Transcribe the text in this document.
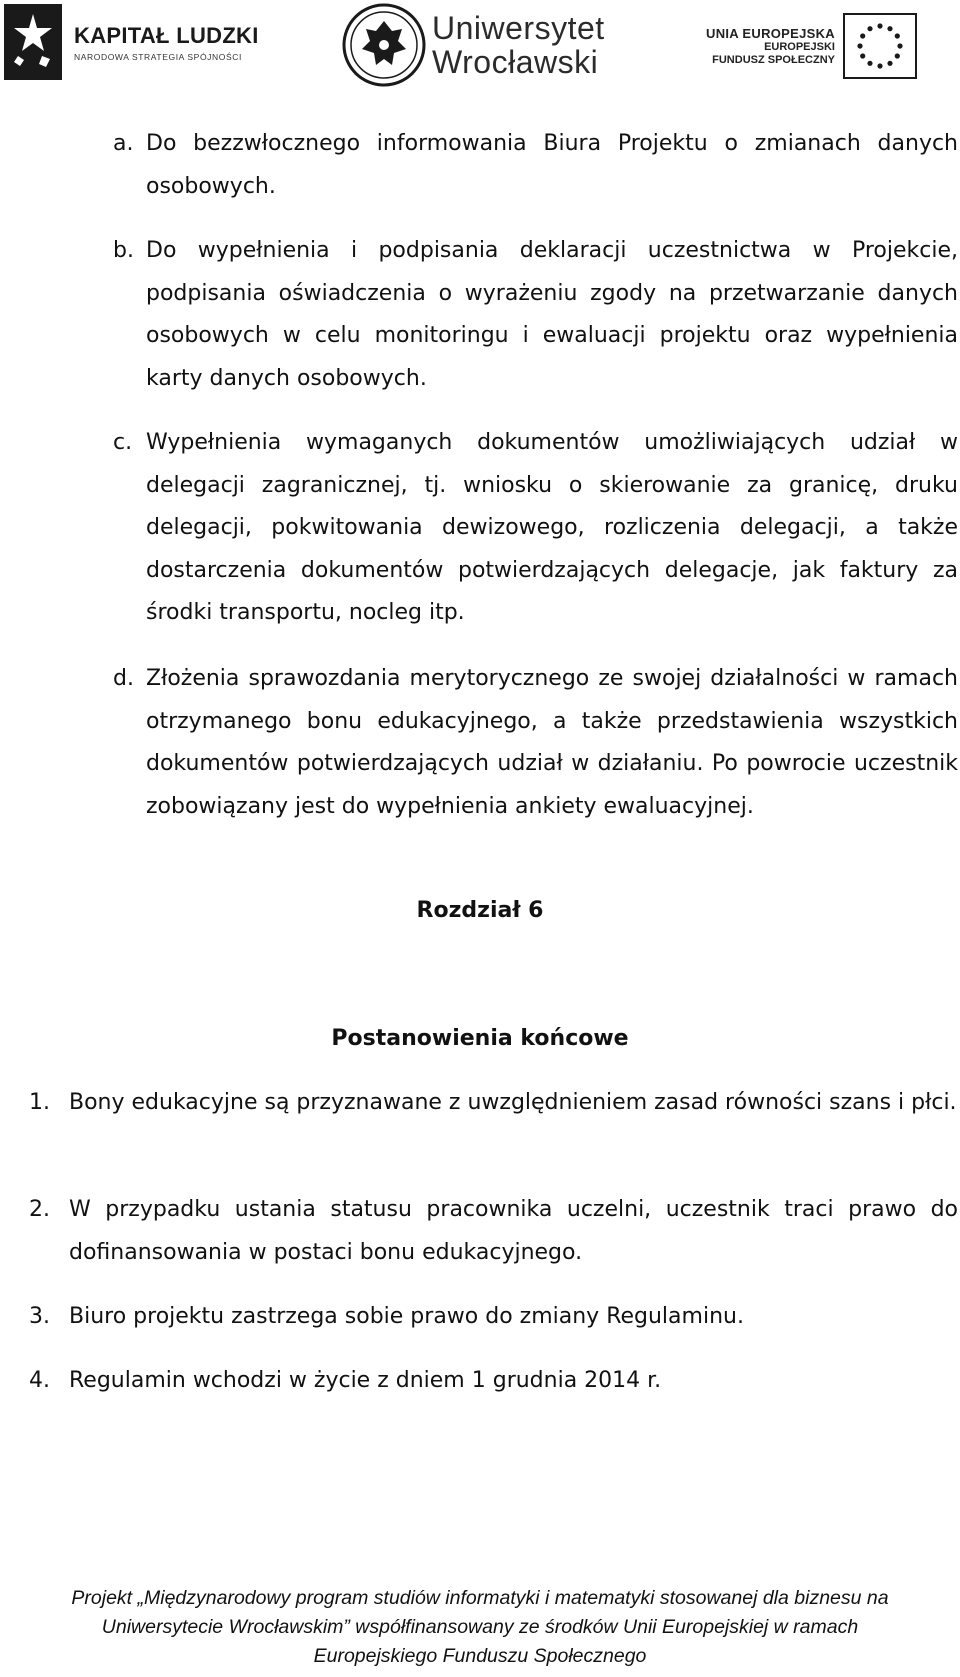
KAPITAŁ LUDZKI
NARODOWA STRATEGIA SPÓJNOŚCI
Uniwersytet
Wrocławski
UNIA EUROPEJSKA
EUROPEJSKI
FUNDUSZ SPOŁECZNY
a. Do bezzwłocznego informowania Biura Projektu o zmianach danych osobowych.
b. Do wypełnienia i podpisania deklaracji uczestnictwa w Projekcie, podpisania oświadczenia o wyrażeniu zgody na przetwarzanie danych osobowych w celu monitoringu i ewaluacji projektu oraz wypełnienia karty danych osobowych.
c. Wypełnienia wymaganych dokumentów umożliwiających udział w delegacji zagranicznej, tj. wniosku o skierowanie za granicę, druku delegacji, pokwitowania dewizowego, rozliczenia delegacji, a także dostarczenia dokumentów potwierdzających delegacje, jak faktury za środki transportu, nocleg itp.
d. Złożenia sprawozdania merytorycznego ze swojej działalności w ramach otrzymanego bonu edukacyjnego, a także przedstawienia wszystkich dokumentów potwierdzających udział w działaniu. Po powrocie uczestnik zobowiązany jest do wypełnienia ankiety ewaluacyjnej.
Rozdział 6
Postanowienia końcowe
1. Bony edukacyjne są przyznawane z uwzględnieniem zasad równości szans i płci.
2. W przypadku ustania statusu pracownika uczelni, uczestnik traci prawo do dofinansowania w postaci bonu edukacyjnego.
3. Biuro projektu zastrzega sobie prawo do zmiany Regulaminu.
4. Regulamin wchodzi w życie z dniem 1 grudnia 2014 r.
Projekt „Międzynarodowy program studiów informatyki i matematyki stosowanej dla biznesu na
Uniwersytecie Wrocławskim” współfinansowany ze środków Unii Europejskiej w ramach
Europejskiego Funduszu Społecznego
